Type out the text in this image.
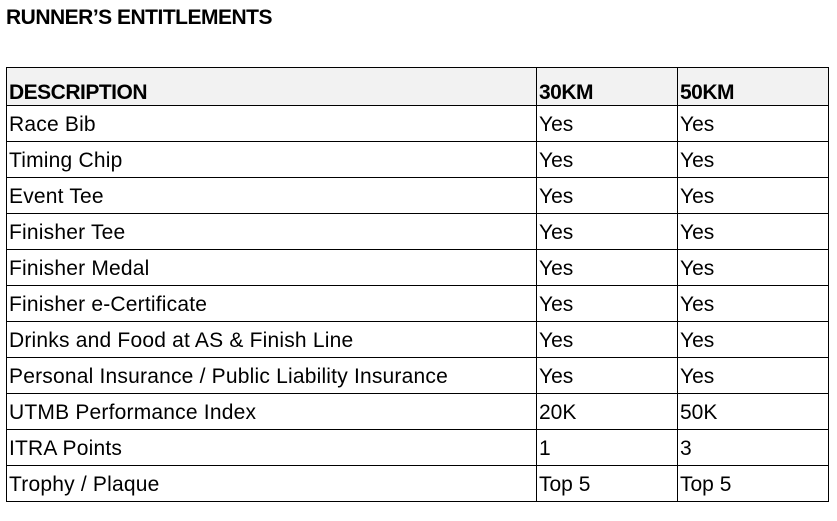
RUNNER’S ENTITLEMENTS
DESCRIPTION	30KM	50KM
Race Bib	Yes	Yes
Timing Chip	Yes	Yes
Event Tee	Yes	Yes
Finisher Tee	Yes	Yes
Finisher Medal	Yes	Yes
Finisher e-Certificate	Yes	Yes
Drinks and Food at AS & Finish Line	Yes	Yes
Personal Insurance / Public Liability Insurance	Yes	Yes
UTMB Performance Index	20K	50K
ITRA Points	1	3
Trophy / Plaque	Top 5	Top 5
